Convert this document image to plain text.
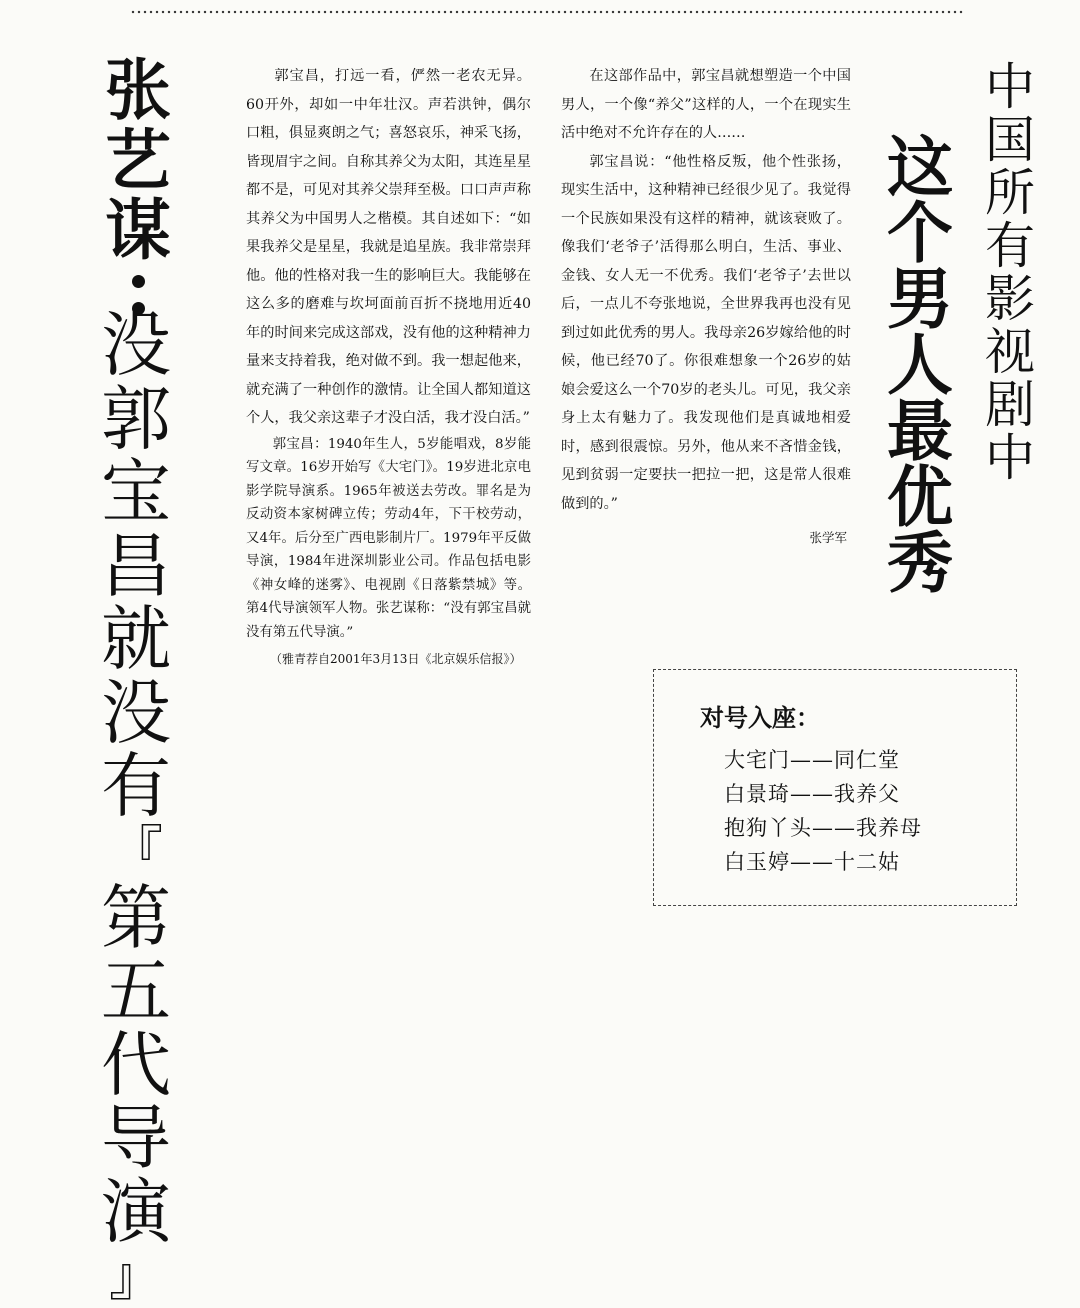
张
艺
谋
没
郭
宝
昌
就
没
有
『
第
五
代
导
演
』

郭宝昌，打远一看，俨然一老农无异。60开外，却如一中年壮汉。声若洪钟，偶尔口粗，俱显爽朗之气；喜怒哀乐，神采飞扬，皆现眉宇之间。自称其养父为太阳，其连星星都不是，可见对其养父崇拜至极。口口声声称其养父为中国男人之楷模。其自述如下：“如果我养父是星星，我就是追星族。我非常崇拜他。他的性格对我一生的影响巨大。我能够在这么多的磨难与坎坷面前百折不挠地用近40年的时间来完成这部戏，没有他的这种精神力量来支持着我，绝对做不到。我一想起他来，就充满了一种创作的激情。让全国人都知道这个人，我父亲这辈子才没白活，我才没白活。”

郭宝昌：1940年生人，5岁能唱戏，8岁能写文章。16岁开始写《大宅门》。19岁进北京电影学院导演系。1965年被送去劳改。罪名是为反动资本家树碑立传；劳动4年，下干校劳动，又4年。后分至广西电影制片厂。1979年平反做导演，1984年进深圳影业公司。作品包括电影《神女峰的迷雾》、电视剧《日落紫禁城》等。第4代导演领军人物。张艺谋称：“没有郭宝昌就没有第五代导演。”

（雅青荐自2001年3月13日《北京娱乐信报》）

在这部作品中，郭宝昌就想塑造一个中国男人，一个像“养父”这样的人，一个在现实生活中绝对不允许存在的人……

郭宝昌说：“他性格反叛，他个性张扬，现实生活中，这种精神已经很少见了。我觉得一个民族如果没有这样的精神，就该衰败了。像我们‘老爷子’活得那么明白，生活、事业、金钱、女人无一不优秀。我们‘老爷子’去世以后，一点儿不夸张地说，全世界我再也没有见到过如此优秀的男人。我母亲26岁嫁给他的时候，他已经70了。你很难想象一个26岁的姑娘会爱这么一个70岁的老头儿。可见，我父亲身上太有魅力了。我发现他们是真诚地相爱时，感到很震惊。另外，他从来不吝惜金钱，见到贫弱一定要扶一把拉一把，这是常人很难做到的。”

张学军
中
国
所
有
影
视
剧
中
这
个
男
人
最
优
秀
对号入座：
大宅门——同仁堂
白景琦——我养父
抱狗丫头——我养母
白玉婷——十二姑
